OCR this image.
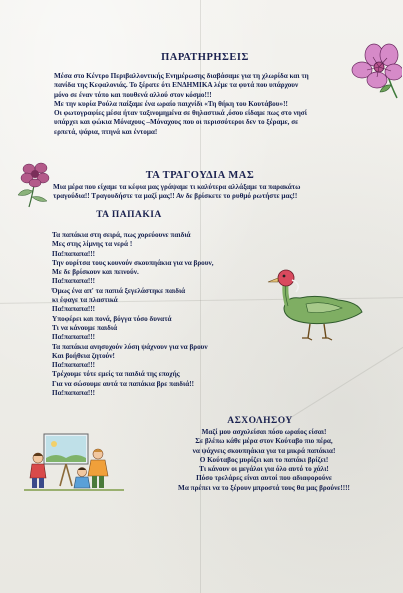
ΠΑΡΑΤΗΡΗΣΕΙΣ

Μέσα στο Κέντρο Περιβαλλοντικής Ενημέρωσης διαβάσαμε για τη χλωρίδα και τη

πανίδα της Κεφαλονιάς. Το ξέρατε ότι ΕΝΔΗΜΙΚΑ λέμε τα φυτά που υπάρχουν

μόνο σε έναν τόπο και πουθενά αλλού στον κόσμο!!!

Με την κυρία Ρούλα παίξαμε ένα ωραίο παιχνίδι «Τη θήκη του Κουτάβου»!!

Οι φωτογραφίες μέσα ήταν ταξινομημένα σε θηλαστικά ,όσου είδαμε πως στο νησί

υπάρχει και φώκια Μόναχους –Μόναχους που οι περισσότεροι δεν το ξέραμε, σε

ερπετά, ψάρια, πτηνά και έντομα!

ΤΑ ΤΡΑΓΟΥΔΙΑ ΜΑΣ

Μια μέρα που είχαμε τα κέφια μας γράψαμε τι καλύτερα αλλάξαμε τα παρακάτω

τραγούδια!! Τραγουδήστε τα μαζί μας!! Αν δε βρίσκετε το ρυθμό ρωτήστε μας!!

ΤΑ ΠΑΠΑΚΙΑ

Τα παπάκια στη σειρά, πως χορεύουνε παιδιά

Μες στης λίμνης τα νερά !

Πα!παπαπα!!!

Την ουρίτσα τους κουνούν σκουπηάκια για να βρουν,

Με δε βρίσκουν και πεινούν.

Πα!παπαπα!!!

Όμως ένα απ' τα παπιά ξεγελάστηκε παιδιά

κι έφαγε τα πλαστικά

Πα!παπαπα!!!

Υποφέρει και πονά, βόγγα τόσο δυνατά

Τι να κάνουμε παιδιά

Πα!παπαπα!!!

Τα παπάκια ανησυχούν λύση ψάχνουν για να βρουν

Και βοήθεια ζητούν!

Πα!παπαπα!!!

Τρέχουμε τότε εμείς τα παιδιά της εποχής

Για να σώσουμε αυτά τα παπάκια βρε παιδιά!!

Πα!παπαπα!!!

ΑΣΧΟΛΗΣΟΥ

Μαζί μου ασχολείσαι πόσο ωραίος είσαι!

Σε βλέπω κάθε μέρα στον Κούταβο πιο πέρα,

να ψάχνεις σκουπηάκια για τα μικρά παπάκια!

Ο Κούταβος μυρίζει και το παπάκι βρίζει!

Τι κάνουν οι μεγάλοι για όλο αυτό το χάλι!

Πόσο τρελάρες είναι αυτοί που αδιαφορούνε

Μα πρέπει να το ξέρουν μπροστά τους θα μας βρούνε!!!!
